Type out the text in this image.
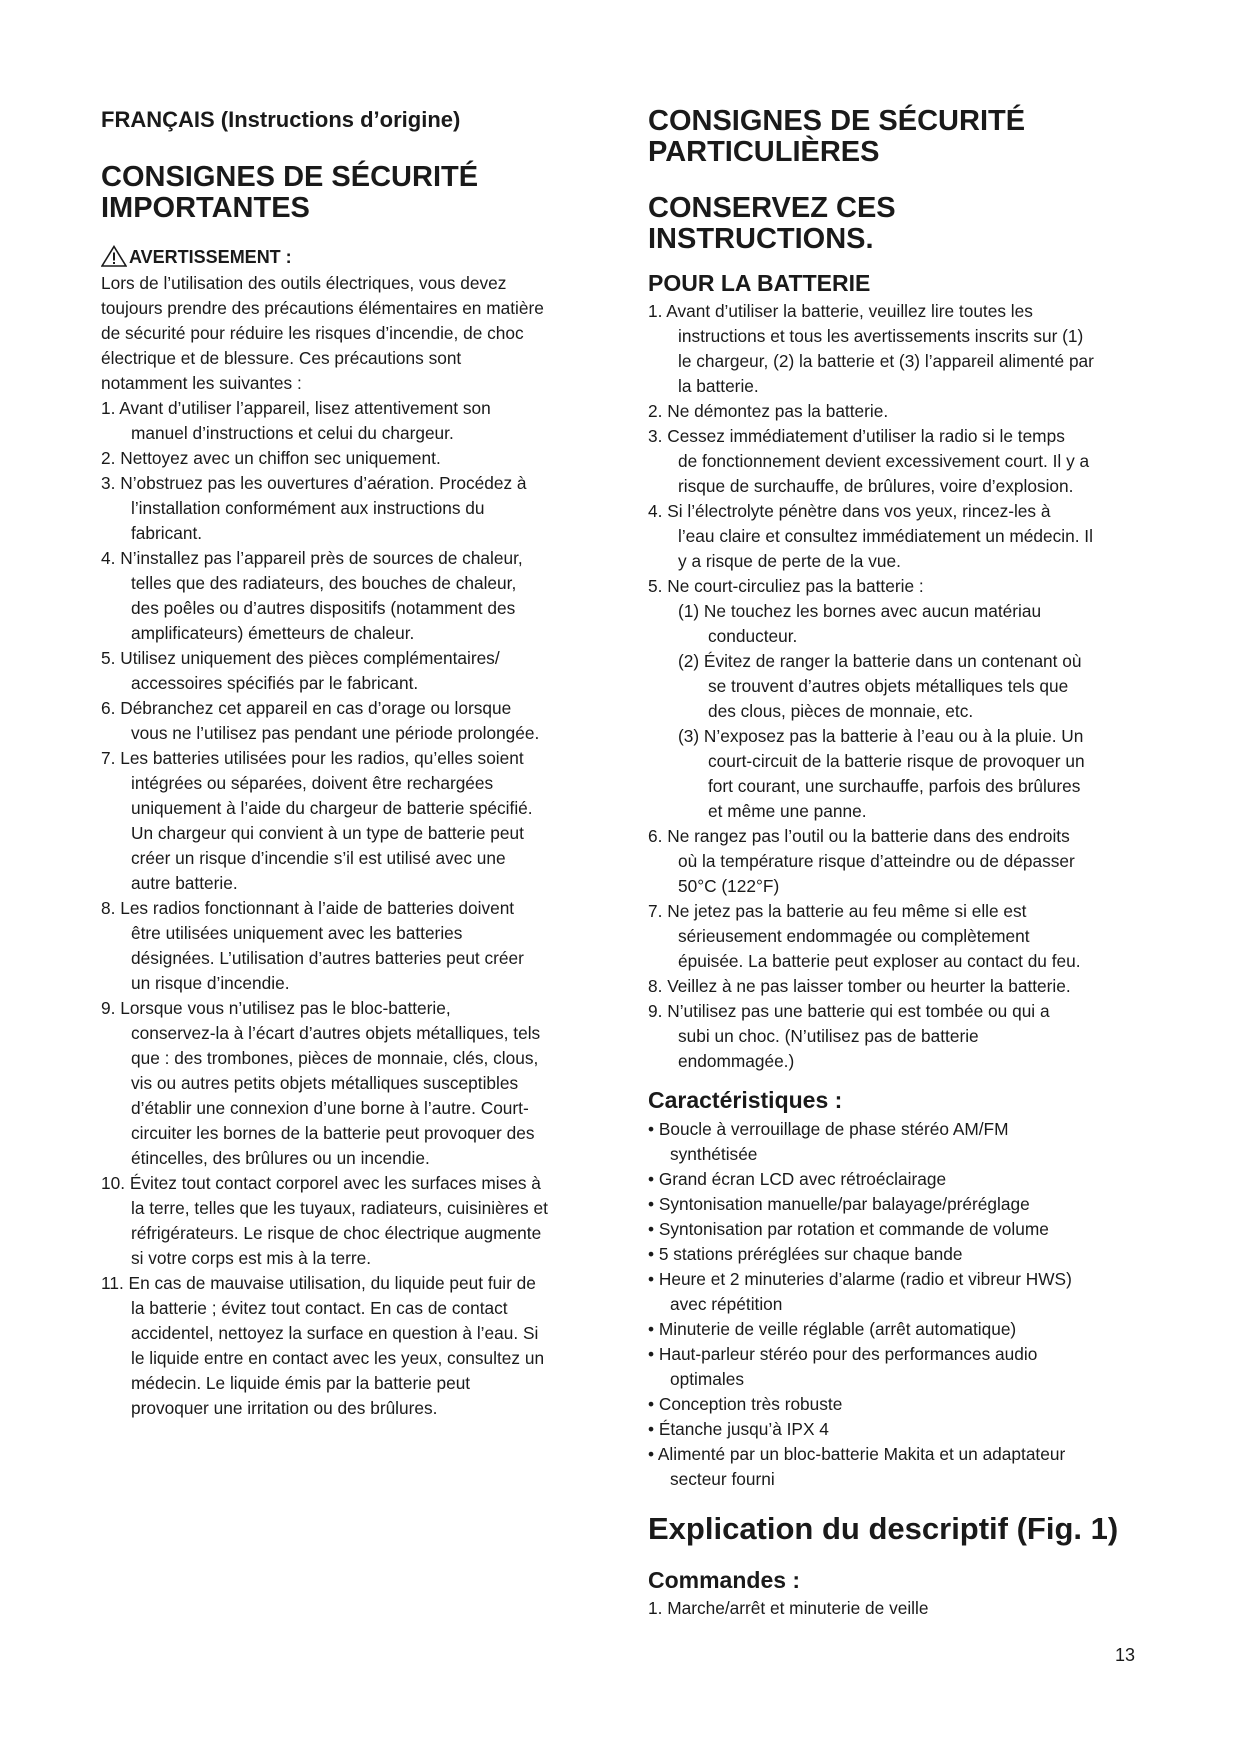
FRANÇAIS (Instructions d’origine)
CONSIGNES DE SÉCURITÉ
IMPORTANTES
AVERTISSEMENT :
Lors de l’utilisation des outils électriques, vous devez
toujours prendre des précautions élémentaires en matière
de sécurité pour réduire les risques d’incendie, de choc
électrique et de blessure. Ces précautions sont
notamment les suivantes :
1. Avant d’utiliser l’appareil, lisez attentivement son
manuel d’instructions et celui du chargeur.
2. Nettoyez avec un chiffon sec uniquement.
3. N’obstruez pas les ouvertures d’aération. Procédez à
l’installation conformément aux instructions du
fabricant.
4. N’installez pas l’appareil près de sources de chaleur,
telles que des radiateurs, des bouches de chaleur,
des poêles ou d’autres dispositifs (notamment des
amplificateurs) émetteurs de chaleur.
5. Utilisez uniquement des pièces complémentaires/
accessoires spécifiés par le fabricant.
6. Débranchez cet appareil en cas d’orage ou lorsque
vous ne l’utilisez pas pendant une période prolongée.
7. Les batteries utilisées pour les radios, qu’elles soient
intégrées ou séparées, doivent être rechargées
uniquement à l’aide du chargeur de batterie spécifié.
Un chargeur qui convient à un type de batterie peut
créer un risque d’incendie s’il est utilisé avec une
autre batterie.
8. Les radios fonctionnant à l’aide de batteries doivent
être utilisées uniquement avec les batteries
désignées. L’utilisation d’autres batteries peut créer
un risque d’incendie.
9. Lorsque vous n’utilisez pas le bloc-batterie,
conservez-la à l’écart d’autres objets métalliques, tels
que : des trombones, pièces de monnaie, clés, clous,
vis ou autres petits objets métalliques susceptibles
d’établir une connexion d’une borne à l’autre. Court-
circuiter les bornes de la batterie peut provoquer des
étincelles, des brûlures ou un incendie.
10. Évitez tout contact corporel avec les surfaces mises à
la terre, telles que les tuyaux, radiateurs, cuisinières et
réfrigérateurs. Le risque de choc électrique augmente
si votre corps est mis à la terre.
11. En cas de mauvaise utilisation, du liquide peut fuir de
la batterie ; évitez tout contact. En cas de contact
accidentel, nettoyez la surface en question à l’eau. Si
le liquide entre en contact avec les yeux, consultez un
médecin. Le liquide émis par la batterie peut
provoquer une irritation ou des brûlures.
CONSIGNES DE SÉCURITÉ
PARTICULIÈRES
CONSERVEZ CES
INSTRUCTIONS.
POUR LA BATTERIE
1. Avant d’utiliser la batterie, veuillez lire toutes les
instructions et tous les avertissements inscrits sur (1)
le chargeur, (2) la batterie et (3) l’appareil alimenté par
la batterie.
2. Ne démontez pas la batterie.
3. Cessez immédiatement d’utiliser la radio si le temps
de fonctionnement devient excessivement court. Il y a
risque de surchauffe, de brûlures, voire d’explosion.
4. Si l’électrolyte pénètre dans vos yeux, rincez-les à
l’eau claire et consultez immédiatement un médecin. Il
y a risque de perte de la vue.
5. Ne court-circuliez pas la batterie :
(1) Ne touchez les bornes avec aucun matériau
conducteur.
(2) Évitez de ranger la batterie dans un contenant où
se trouvent d’autres objets métalliques tels que
des clous, pièces de monnaie, etc.
(3) N’exposez pas la batterie à l’eau ou à la pluie. Un
court-circuit de la batterie risque de provoquer un
fort courant, une surchauffe, parfois des brûlures
et même une panne.
6. Ne rangez pas l’outil ou la batterie dans des endroits
où la température risque d’atteindre ou de dépasser
50°C (122°F)
7. Ne jetez pas la batterie au feu même si elle est
sérieusement endommagée ou complètement
épuisée. La batterie peut exploser au contact du feu.
8. Veillez à ne pas laisser tomber ou heurter la batterie.
9. N’utilisez pas une batterie qui est tombée ou qui a
subi un choc. (N’utilisez pas de batterie
endommagée.)
Caractéristiques :
• Boucle à verrouillage de phase stéréo AM/FM
synthétisée
• Grand écran LCD avec rétroéclairage
• Syntonisation manuelle/par balayage/préréglage
• Syntonisation par rotation et commande de volume
• 5 stations préréglées sur chaque bande
• Heure et 2 minuteries d’alarme (radio et vibreur HWS)
avec répétition
• Minuterie de veille réglable (arrêt automatique)
• Haut-parleur stéréo pour des performances audio
optimales
• Conception très robuste
• Étanche jusqu’à IPX 4
• Alimenté par un bloc-batterie Makita et un adaptateur
secteur fourni
Explication du descriptif (Fig. 1)
Commandes :
1. Marche/arrêt et minuterie de veille
13
